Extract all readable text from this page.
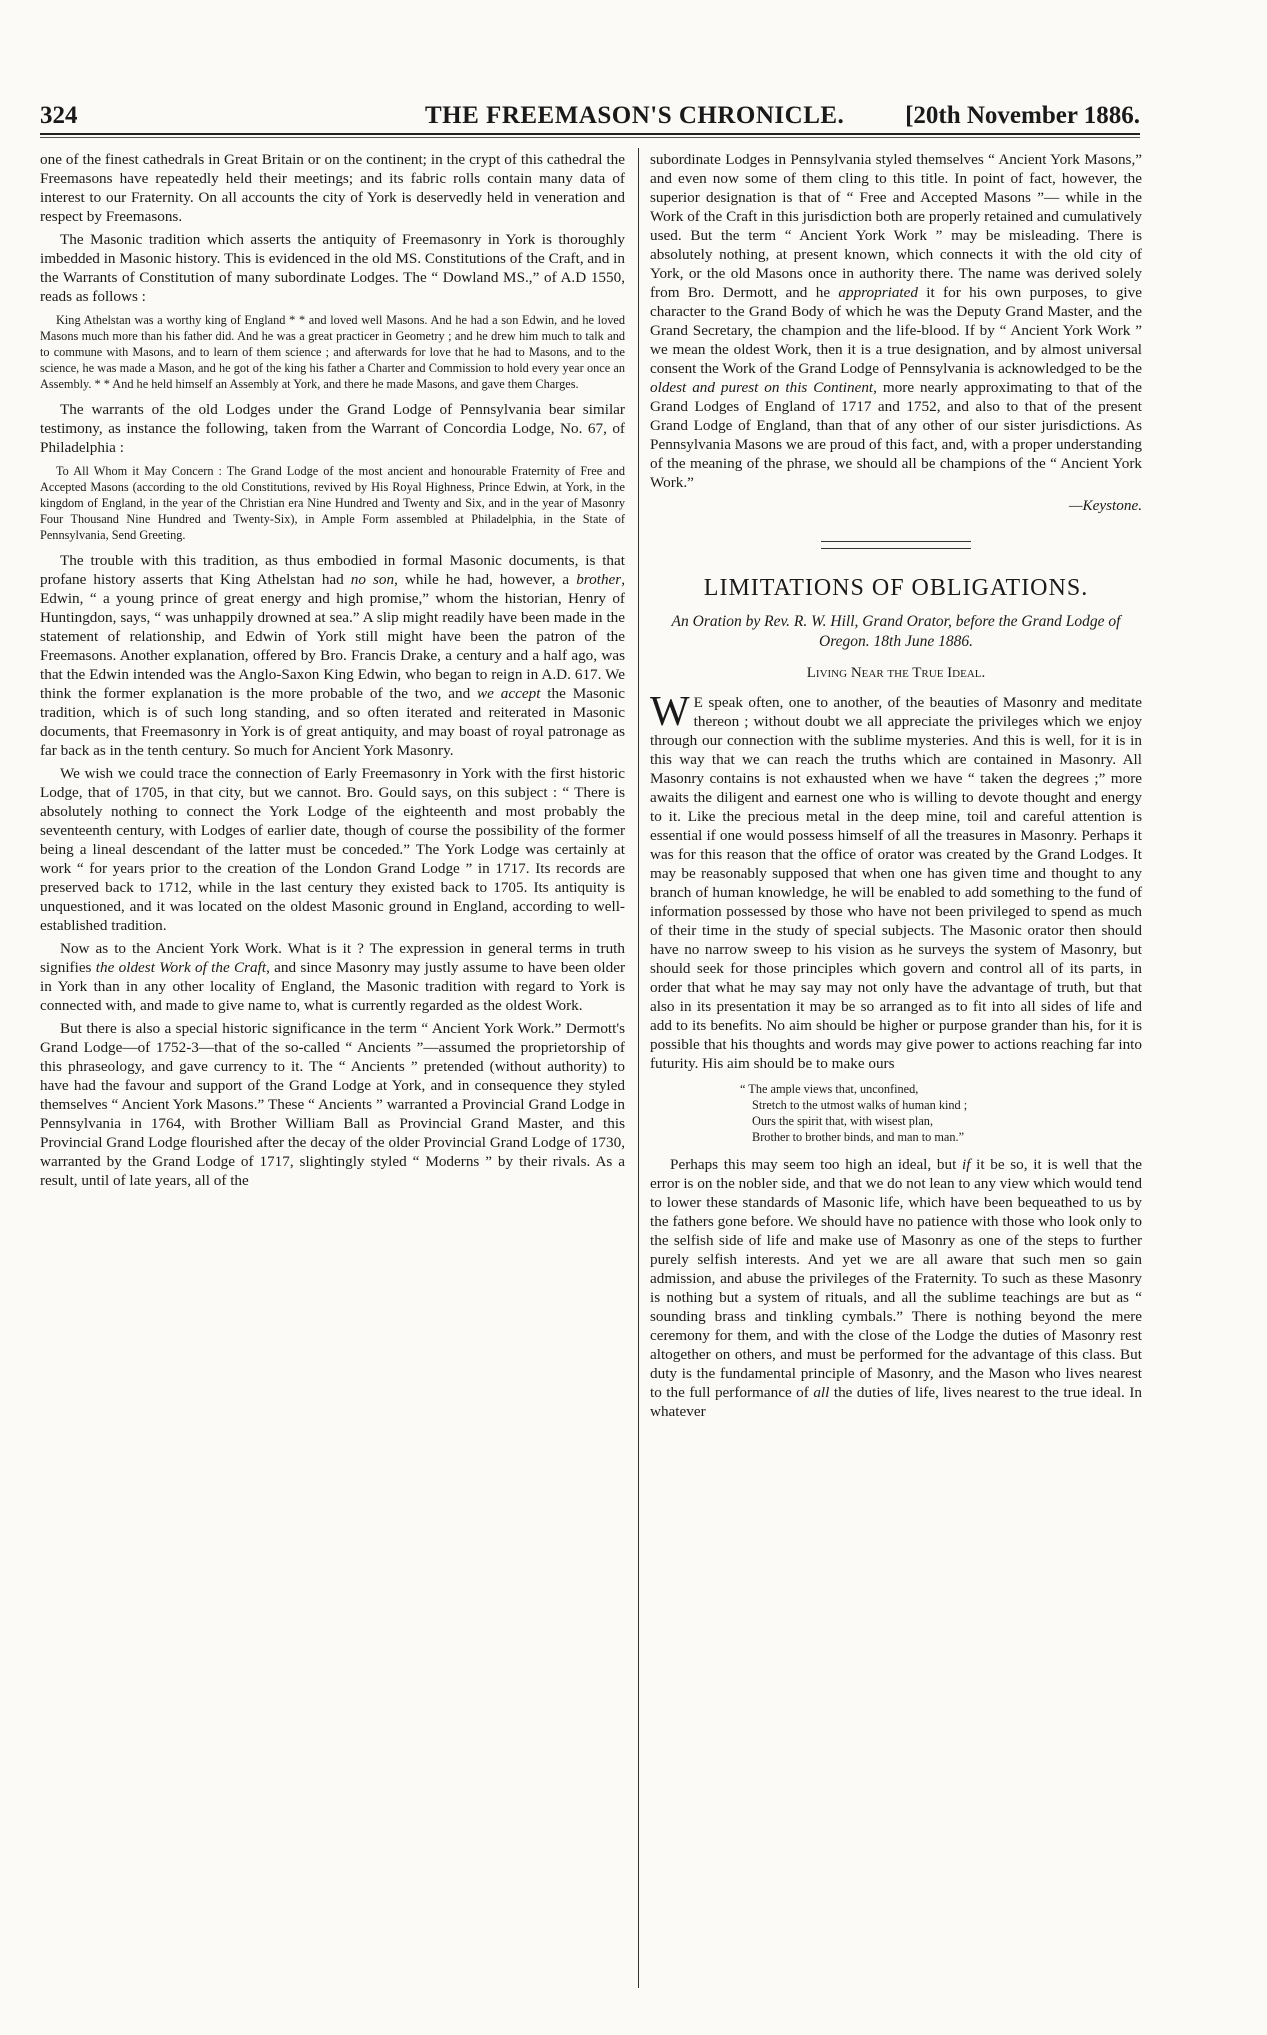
324	THE FREEMASON'S CHRONICLE. [20th November 1886.

one of the finest cathedrals in Great Britain or on the continent; in the crypt of this cathedral the Freemasons have repeatedly held their meetings; and its fabric rolls contain many data of interest to our Fraternity. On all accounts the city of York is deservedly held in veneration and respect by Freemasons.

The Masonic tradition which asserts the antiquity of Freemasonry in York is thoroughly imbedded in Masonic history. This is evidenced in the old MS. Constitutions of the Craft, and in the Warrants of Constitution of many subordinate Lodges. The “ Dowland MS.,” of A.D 1550, reads as follows :

King Athelstan was a worthy king of England * * and loved well Masons. And he had a son Edwin, and he loved Masons much more than his father did. And he was a great practicer in Geometry ; and he drew him much to talk and to commune with Masons, and to learn of them science ; and afterwards for love that he had to Masons, and to the science, he was made a Mason, and he got of the king his father a Charter and Commission to hold every year once an Assembly. * * And he held himself an Assembly at York, and there he made Masons, and gave them Charges.

The warrants of the old Lodges under the Grand Lodge of Pennsylvania bear similar testimony, as instance the following, taken from the Warrant of Concordia Lodge, No. 67, of Philadelphia :

To All Whom it May Concern : The Grand Lodge of the most ancient and honourable Fraternity of Free and Accepted Masons (according to the old Constitutions, revived by His Royal Highness, Prince Edwin, at York, in the kingdom of England, in the year of the Christian era Nine Hundred and Twenty and Six, and in the year of Masonry Four Thousand Nine Hundred and Twenty-Six), in Ample Form assembled at Philadelphia, in the State of Pennsylvania, Send Greeting.

The trouble with this tradition, as thus embodied in formal Masonic documents, is that profane history asserts that King Athelstan had no son, while he had, however, a brother, Edwin, “ a young prince of great energy and high promise,” whom the historian, Henry of Huntingdon, says, “ was unhappily drowned at sea.” A slip might readily have been made in the statement of relationship, and Edwin of York still might have been the patron of the Freemasons. Another explanation, offered by Bro. Francis Drake, a century and a half ago, was that the Edwin intended was the Anglo-Saxon King Edwin, who began to reign in A.D. 617. We think the former explanation is the more probable of the two, and we accept the Masonic tradition, which is of such long standing, and so often iterated and reiterated in Masonic documents, that Freemasonry in York is of great antiquity, and may boast of royal patronage as far back as in the tenth century. So much for Ancient York Masonry.

We wish we could trace the connection of Early Freemasonry in York with the first historic Lodge, that of 1705, in that city, but we cannot. Bro. Gould says, on this subject : “ There is absolutely nothing to connect the York Lodge of the eighteenth and most probably the seventeenth century, with Lodges of earlier date, though of course the possibility of the former being a lineal descendant of the latter must be conceded.” The York Lodge was certainly at work “ for years prior to the creation of the London Grand Lodge ” in 1717. Its records are preserved back to 1712, while in the last century they existed back to 1705. Its antiquity is unquestioned, and it was located on the oldest Masonic ground in England, according to well-established tradition.

Now as to the Ancient York Work. What is it ? The expression in general terms in truth signifies the oldest Work of the Craft, and since Masonry may justly assume to have been older in York than in any other locality of England, the Masonic tradition with regard to York is connected with, and made to give name to, what is currently regarded as the oldest Work.

But there is also a special historic significance in the term “ Ancient York Work.” Dermott's Grand Lodge—of 1752-3—that of the so-called “ Ancients ”—assumed the proprietorship of this phraseology, and gave currency to it. The “ Ancients ” pretended (without authority) to have had the favour and support of the Grand Lodge at York, and in consequence they styled themselves “ Ancient York Masons.” These “ Ancients ” warranted a Provincial Grand Lodge in Pennsylvania in 1764, with Brother William Ball as Provincial Grand Master, and this Provincial Grand Lodge flourished after the decay of the older Provincial Grand Lodge of 1730, warranted by the Grand Lodge of 1717, slightingly styled “ Moderns ” by their rivals. As a result, until of late years, all of the

subordinate Lodges in Pennsylvania styled themselves “ Ancient York Masons,” and even now some of them cling to this title. In point of fact, however, the superior designation is that of “ Free and Accepted Masons ”— while in the Work of the Craft in this jurisdiction both are properly retained and cumulatively used. But the term “ Ancient York Work ” may be misleading. There is absolutely nothing, at present known, which connects it with the old city of York, or the old Masons once in authority there. The name was derived solely from Bro. Dermott, and he appropriated it for his own purposes, to give character to the Grand Body of which he was the Deputy Grand Master, and the Grand Secretary, the champion and the life-blood. If by “ Ancient York Work ” we mean the oldest Work, then it is a true designation, and by almost universal consent the Work of the Grand Lodge of Pennsylvania is acknowledged to be the oldest and purest on this Continent, more nearly approximating to that of the Grand Lodges of England of 1717 and 1752, and also to that of the present Grand Lodge of England, than that of any other of our sister jurisdictions. As Pennsylvania Masons we are proud of this fact, and, with a proper understanding of the meaning of the phrase, we should all be champions of the “ Ancient York Work.”

—Keystone.
LIMITATIONS OF OBLIGATIONS.
An Oration by Rev. R. W. Hill, Grand Orator, before the Grand Lodge of Oregon. 18th June 1886.
Living Near the True Ideal.

W E speak often, one to another, of the beauties of Masonry and meditate thereon ; without doubt we all appreciate the privileges which we enjoy through our connection with the sublime mysteries. And this is well, for it is in this way that we can reach the truths which are contained in Masonry. All Masonry contains is not exhausted when we have “ taken the degrees ;” more awaits the diligent and earnest one who is willing to devote thought and energy to it. Like the precious metal in the deep mine, toil and careful attention is essential if one would possess himself of all the treasures in Masonry. Perhaps it was for this reason that the office of orator was created by the Grand Lodges. It may be reasonably supposed that when one has given time and thought to any branch of human knowledge, he will be enabled to add something to the fund of information possessed by those who have not been privileged to spend as much of their time in the study of special subjects. The Masonic orator then should have no narrow sweep to his vision as he surveys the system of Masonry, but should seek for those principles which govern and control all of its parts, in order that what he may say may not only have the advantage of truth, but that also in its presentation it may be so arranged as to fit into all sides of life and add to its benefits. No aim should be higher or purpose grander than his, for it is possible that his thoughts and words may give power to actions reaching far into futurity. His aim should be to make ours

“ The ample views that, unconfined,
Stretch to the utmost walks of human kind ;
Ours the spirit that, with wisest plan,
Brother to brother binds, and man to man.”

Perhaps this may seem too high an ideal, but if it be so, it is well that the error is on the nobler side, and that we do not lean to any view which would tend to lower these standards of Masonic life, which have been bequeathed to us by the fathers gone before. We should have no patience with those who look only to the selfish side of life and make use of Masonry as one of the steps to further purely selfish interests. And yet we are all aware that such men so gain admission, and abuse the privileges of the Fraternity. To such as these Masonry is nothing but a system of rituals, and all the sublime teachings are but as “ sounding brass and tinkling cymbals.” There is nothing beyond the mere ceremony for them, and with the close of the Lodge the duties of Masonry rest altogether on others, and must be performed for the advantage of this class. But duty is the fundamental principle of Masonry, and the Mason who lives nearest to the full performance of all the duties of life, lives nearest to the true ideal. In whatever
